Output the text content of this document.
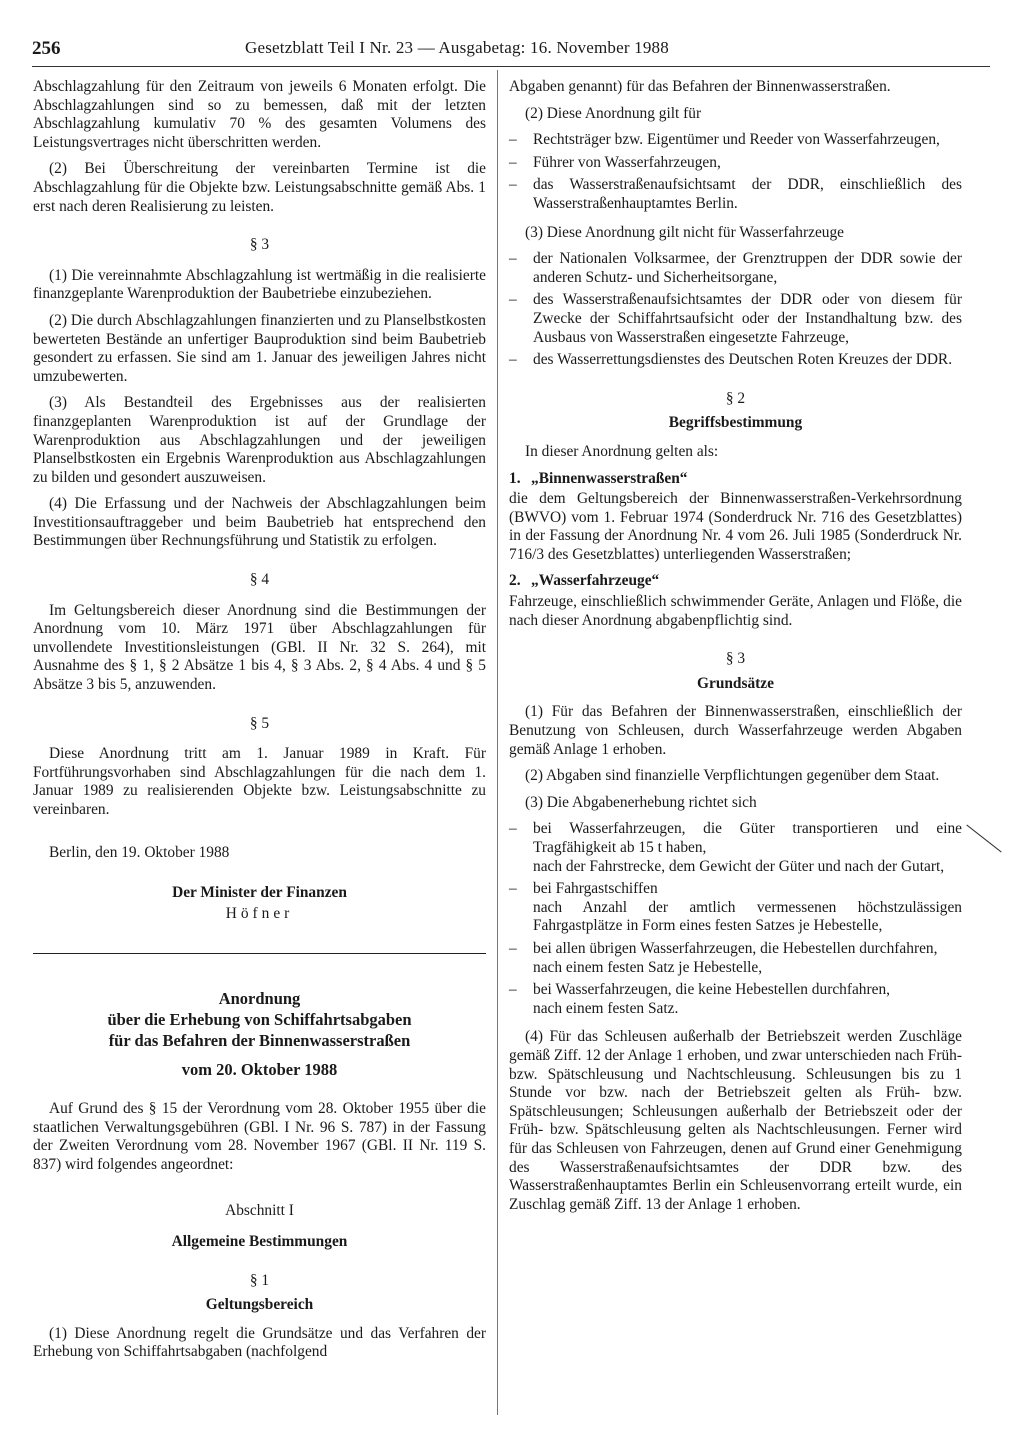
256	Gesetzblatt Teil I Nr. 23 — Ausgabetag: 16. November 1988

Abschlagzahlung für den Zeitraum von jeweils 6 Monaten erfolgt. Die Abschlagzahlungen sind so zu bemessen, daß mit der letzten Abschlagzahlung kumulativ 70 % des gesamten Volumens des Leistungsvertrages nicht überschritten werden.

(2) Bei Überschreitung der vereinbarten Termine ist die Abschlagzahlung für die Objekte bzw. Leistungsabschnitte gemäß Abs. 1 erst nach deren Realisierung zu leisten.

§ 3

(1) Die vereinnahmte Abschlagzahlung ist wertmäßig in die realisierte finanzgeplante Warenproduktion der Baubetriebe einzubeziehen.

(2) Die durch Abschlagzahlungen finanzierten und zu Planselbstkosten bewerteten Bestände an unfertiger Bauproduktion sind beim Baubetrieb gesondert zu erfassen. Sie sind am 1. Januar des jeweiligen Jahres nicht umzubewerten.

(3) Als Bestandteil des Ergebnisses aus der realisierten finanzgeplanten Warenproduktion ist auf der Grundlage der Warenproduktion aus Abschlagzahlungen und der jeweiligen Planselbstkosten ein Ergebnis Warenproduktion aus Abschlagzahlungen zu bilden und gesondert auszuweisen.

(4) Die Erfassung und der Nachweis der Abschlagzahlungen beim Investitionsauftraggeber und beim Baubetrieb hat entsprechend den Bestimmungen über Rechnungsführung und Statistik zu erfolgen.

§ 4

Im Geltungsbereich dieser Anordnung sind die Bestimmungen der Anordnung vom 10. März 1971 über Abschlagzahlungen für unvollendete Investitionsleistungen (GBl. II Nr. 32 S. 264), mit Ausnahme des § 1, § 2 Absätze 1 bis 4, § 3 Abs. 2, § 4 Abs. 4 und § 5 Absätze 3 bis 5, anzuwenden.

§ 5

Diese Anordnung tritt am 1. Januar 1989 in Kraft. Für Fortführungsvorhaben sind Abschlagzahlungen für die nach dem 1. Januar 1989 zu realisierenden Objekte bzw. Leistungsabschnitte zu vereinbaren.

Berlin, den 19. Oktober 1988

Der Minister der Finanzen

Höfner

Anordnung
über die Erhebung von Schiffahrtsabgaben
für das Befahren der Binnenwasserstraßen

vom 20. Oktober 1988

Auf Grund des § 15 der Verordnung vom 28. Oktober 1955 über die staatlichen Verwaltungsgebühren (GBl. I Nr. 96 S. 787) in der Fassung der Zweiten Verordnung vom 28. November 1967 (GBl. II Nr. 119 S. 837) wird folgendes angeordnet:

Abschnitt I

Allgemeine Bestimmungen

§ 1

Geltungsbereich

(1) Diese Anordnung regelt die Grundsätze und das Verfahren der Erhebung von Schiffahrtsabgaben (nachfolgend

Abgaben genannt) für das Befahren der Binnenwasserstraßen.

(2) Diese Anordnung gilt für

– Rechtsträger bzw. Eigentümer und Reeder von Wasserfahrzeugen,
– Führer von Wasserfahrzeugen,
– das Wasserstraßenaufsichtsamt der DDR, einschließlich des Wasserstraßenhauptamtes Berlin.

(3) Diese Anordnung gilt nicht für Wasserfahrzeuge

– der Nationalen Volksarmee, der Grenztruppen der DDR sowie der anderen Schutz- und Sicherheitsorgane,
– des Wasserstraßenaufsichtsamtes der DDR oder von diesem für Zwecke der Schiffahrtsaufsicht oder der Instandhaltung bzw. des Ausbaus von Wasserstraßen eingesetzte Fahrzeuge,
– des Wasserrettungsdienstes des Deutschen Roten Kreuzes der DDR.

§ 2

Begriffsbestimmung

In dieser Anordnung gelten als:

1. „Binnenwasserstraßen“

die dem Geltungsbereich der Binnenwasserstraßen-Verkehrsordnung (BWVO) vom 1. Februar 1974 (Sonderdruck Nr. 716 des Gesetzblattes) in der Fassung der Anordnung Nr. 4 vom 26. Juli 1985 (Sonderdruck Nr. 716/3 des Gesetzblattes) unterliegenden Wasserstraßen;

2. „Wasserfahrzeuge“

Fahrzeuge, einschließlich schwimmender Geräte, Anlagen und Flöße, die nach dieser Anordnung abgabenpflichtig sind.

§ 3

Grundsätze

(1) Für das Befahren der Binnenwasserstraßen, einschließlich der Benutzung von Schleusen, durch Wasserfahrzeuge werden Abgaben gemäß Anlage 1 erhoben.

(2) Abgaben sind finanzielle Verpflichtungen gegenüber dem Staat.

(3) Die Abgabenerhebung richtet sich

– bei Wasserfahrzeugen, die Güter transportieren und eine Tragfähigkeit ab 15 t haben,
nach der Fahrstrecke, dem Gewicht der Güter und nach der Gutart,
– bei Fahrgastschiffen
nach Anzahl der amtlich vermessenen höchstzulässigen Fahrgastplätze in Form eines festen Satzes je Hebestelle,
– bei allen übrigen Wasserfahrzeugen, die Hebestellen durchfahren,
nach einem festen Satz je Hebestelle,
– bei Wasserfahrzeugen, die keine Hebestellen durchfahren,
nach einem festen Satz.

(4) Für das Schleusen außerhalb der Betriebszeit werden Zuschläge gemäß Ziff. 12 der Anlage 1 erhoben, und zwar unterschieden nach Früh- bzw. Spätschleusung und Nachtschleusung. Schleusungen bis zu 1 Stunde vor bzw. nach der Betriebszeit gelten als Früh- bzw. Spätschleusungen; Schleusungen außerhalb der Betriebszeit oder der Früh- bzw. Spätschleusung gelten als Nachtschleusungen. Ferner wird für das Schleusen von Fahrzeugen, denen auf Grund einer Genehmigung des Wasserstraßenaufsichtsamtes der DDR bzw. des Wasserstraßenhauptamtes Berlin ein Schleusenvorrang erteilt wurde, ein Zuschlag gemäß Ziff. 13 der Anlage 1 erhoben.
